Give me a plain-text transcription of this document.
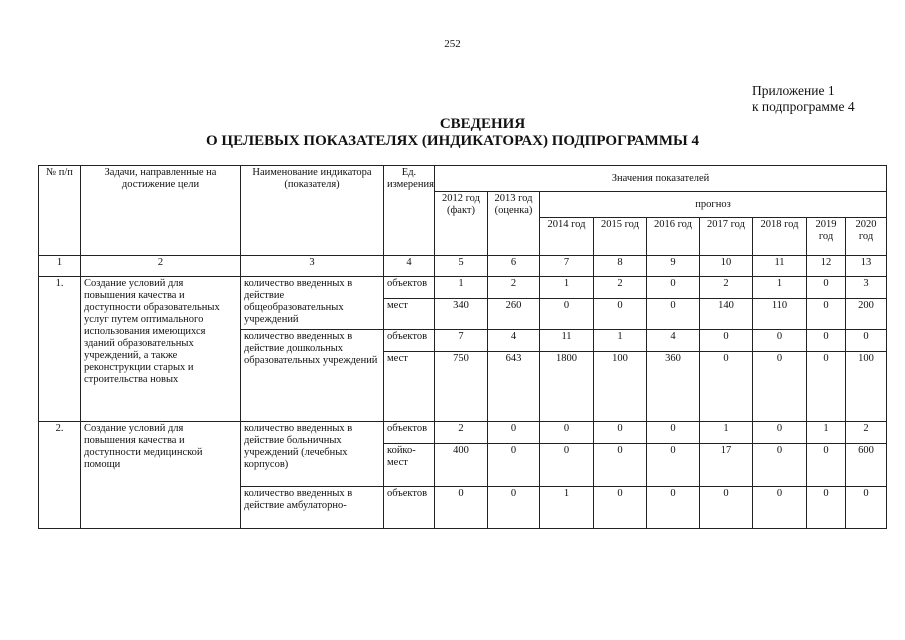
252
Приложение 1
к подпрограмме 4
СВЕДЕНИЯ
О ЦЕЛЕВЫХ ПОКАЗАТЕЛЯХ (ИНДИКАТОРАХ) ПОДПРОГРАММЫ 4
№ п/п	Задачи, направленные на достижение цели	Наименование индикатора (показателя)	Ед. измерения	Значения показателей								
				2012 год (факт)	2013 год (оценка)	прогноз						
						2014 год	2015 год	2016 год	2017 год	2018 год	2019 год	2020 год
1	2	3	4	5	6	7	8	9	10	11	12	13
1.	Создание условий для повышения качества и доступности образовательных услуг путем оптимального использования имеющихся зданий образовательных учреждений, а также реконструкции старых и строительства новых	количество введенных в действие общеобразовательных учреждений	объектов	1	2	1	2	0	2	1	0	3
			мест	340	260	0	0	0	140	110	0	200
		количество введенных в действие дошкольных образовательных учреждений	объектов	7	4	11	1	4	0	0	0	0
			мест	750	643	1800	100	360	0	0	0	100
2.	Создание условий для повышения качества и доступности медицинской помощи	количество введенных в действие больничных учреждений (лечебных корпусов)	объектов	2	0	0	0	0	1	0	1	2
			койко-мест	400	0	0	0	0	17	0	0	600
		количество введенных в действие амбулаторно-	объектов	0	0	1	0	0	0	0	0	0
